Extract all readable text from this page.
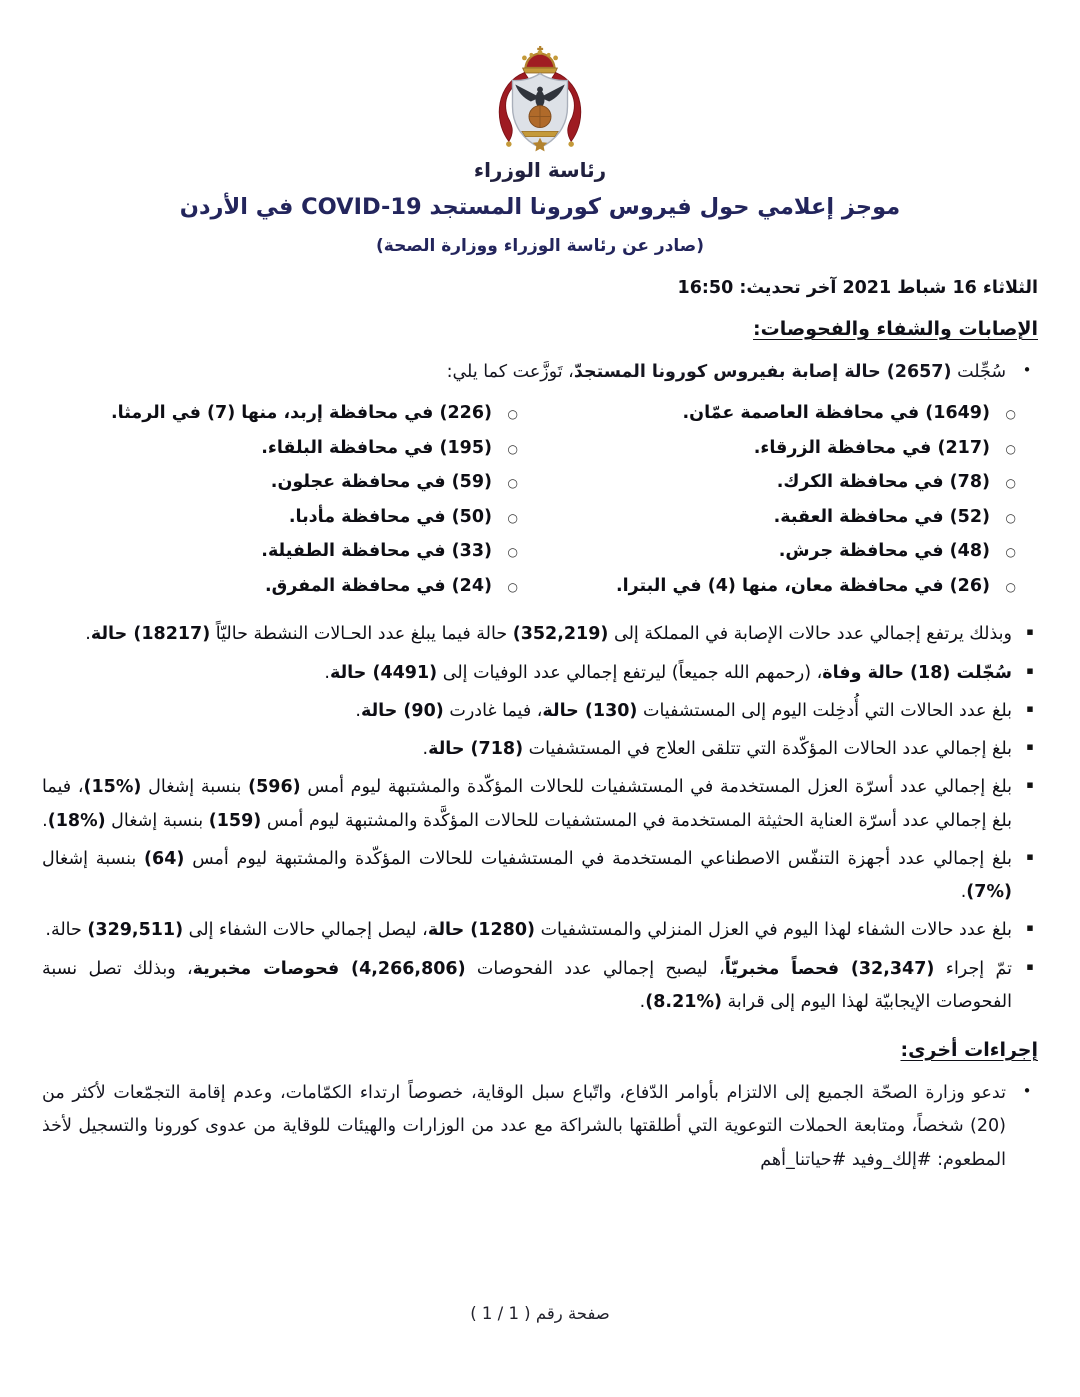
رئاسة الوزراء
موجز إعلامي حول فيروس كورونا المستجد COVID-19 في الأردن
(صادر عن رئاسة الوزراء ووزارة الصحة)
الثلاثاء 16 شباط 2021 آخر تحديث: 16:50
الإصابات والشفاء والفحوصات:
•
سُجِّلت (2657) حالة إصابة بفيروس كورونا المستجدّ، تَوزَّعت كما يلي:
○
(1649) في محافظة العاصمة عمّان.
○
(217) في محافظة الزرقاء.
○
(78) في محافظة الكرك.
○
(52) في محافظة العقبة.
○
(48) في محافظة جرش.
○
(26) في محافظة معان، منها (4) في البترا.
○
(226) في محافظة إربد، منها (7) في الرمثا.
○
(195) في محافظة البلقاء.
○
(59) في محافظة عجلون.
○
(50) في محافظة مأدبا.
○
(33) في محافظة الطفيلة.
○
(24) في محافظة المفرق.
▪
وبذلك يرتفع إجمالي عدد حالات الإصابة في المملكة إلى (352,219) حالة فيما يبلغ عدد الحـالات النشطة حاليّاً (18217) حالة.
▪
سُجّلت (18) حالة وفاة، (رحمهم الله جميعاً) ليرتفع إجمالي عدد الوفيات إلى (4491) حالة.
▪
بلغ عدد الحالات التي أُدخِلت اليوم إلى المستشفيات (130) حالة، فيما غادرت (90) حالة.
▪
بلغ إجمالي عدد الحالات المؤكّدة التي تتلقى العلاج في المستشفيات (718) حالة.
▪
بلغ إجمالي عدد أسرّة العزل المستخدمة في المستشفيات للحالات المؤكّدة والمشتبهة ليوم أمس (596) بنسبة إشغال (%15)، فيما بلغ إجمالي عدد أسرّة العناية الحثيثة المستخدمة في المستشفيات للحالات المؤكَّدة والمشتبهة ليوم أمس (159) بنسبة إشغال (%18).
▪
بلغ إجمالي عدد أجهزة التنفّس الاصطناعي المستخدمة في المستشفيات للحالات المؤكّدة والمشتبهة ليوم أمس (64) بنسبة إشغال (%7).
▪
بلغ عدد حالات الشفاء لهذا اليوم في العزل المنزلي والمستشفيات (1280) حالة، ليصل إجمالي حالات الشفاء إلى (329,511) حالة.
▪
تمّ إجراء (32,347) فحصاً مخبريّاً، ليصبح إجمالي عدد الفحوصات (4,266,806) فحوصات مخبرية، وبذلك تصل نسبة الفحوصات الإيجابيّة لهذا اليوم إلى قرابة (%8.21).
إجراءات أخرى:
•
تدعو وزارة الصحّة الجميع إلى الالتزام بأوامر الدّفاع، واتّباع سبل الوقاية، خصوصاً ارتداء الكمّامات، وعدم إقامة التجمّعات لأكثر من (20) شخصاً، ومتابعة الحملات التوعوية التي أطلقتها بالشراكة مع عدد من الوزارات والهيئات للوقاية من عدوى كورونا والتسجيل لأخذ المطعوم: #إلك_وفيد #حياتنا_أهم
صفحة رقم ( 1 / 1 )
